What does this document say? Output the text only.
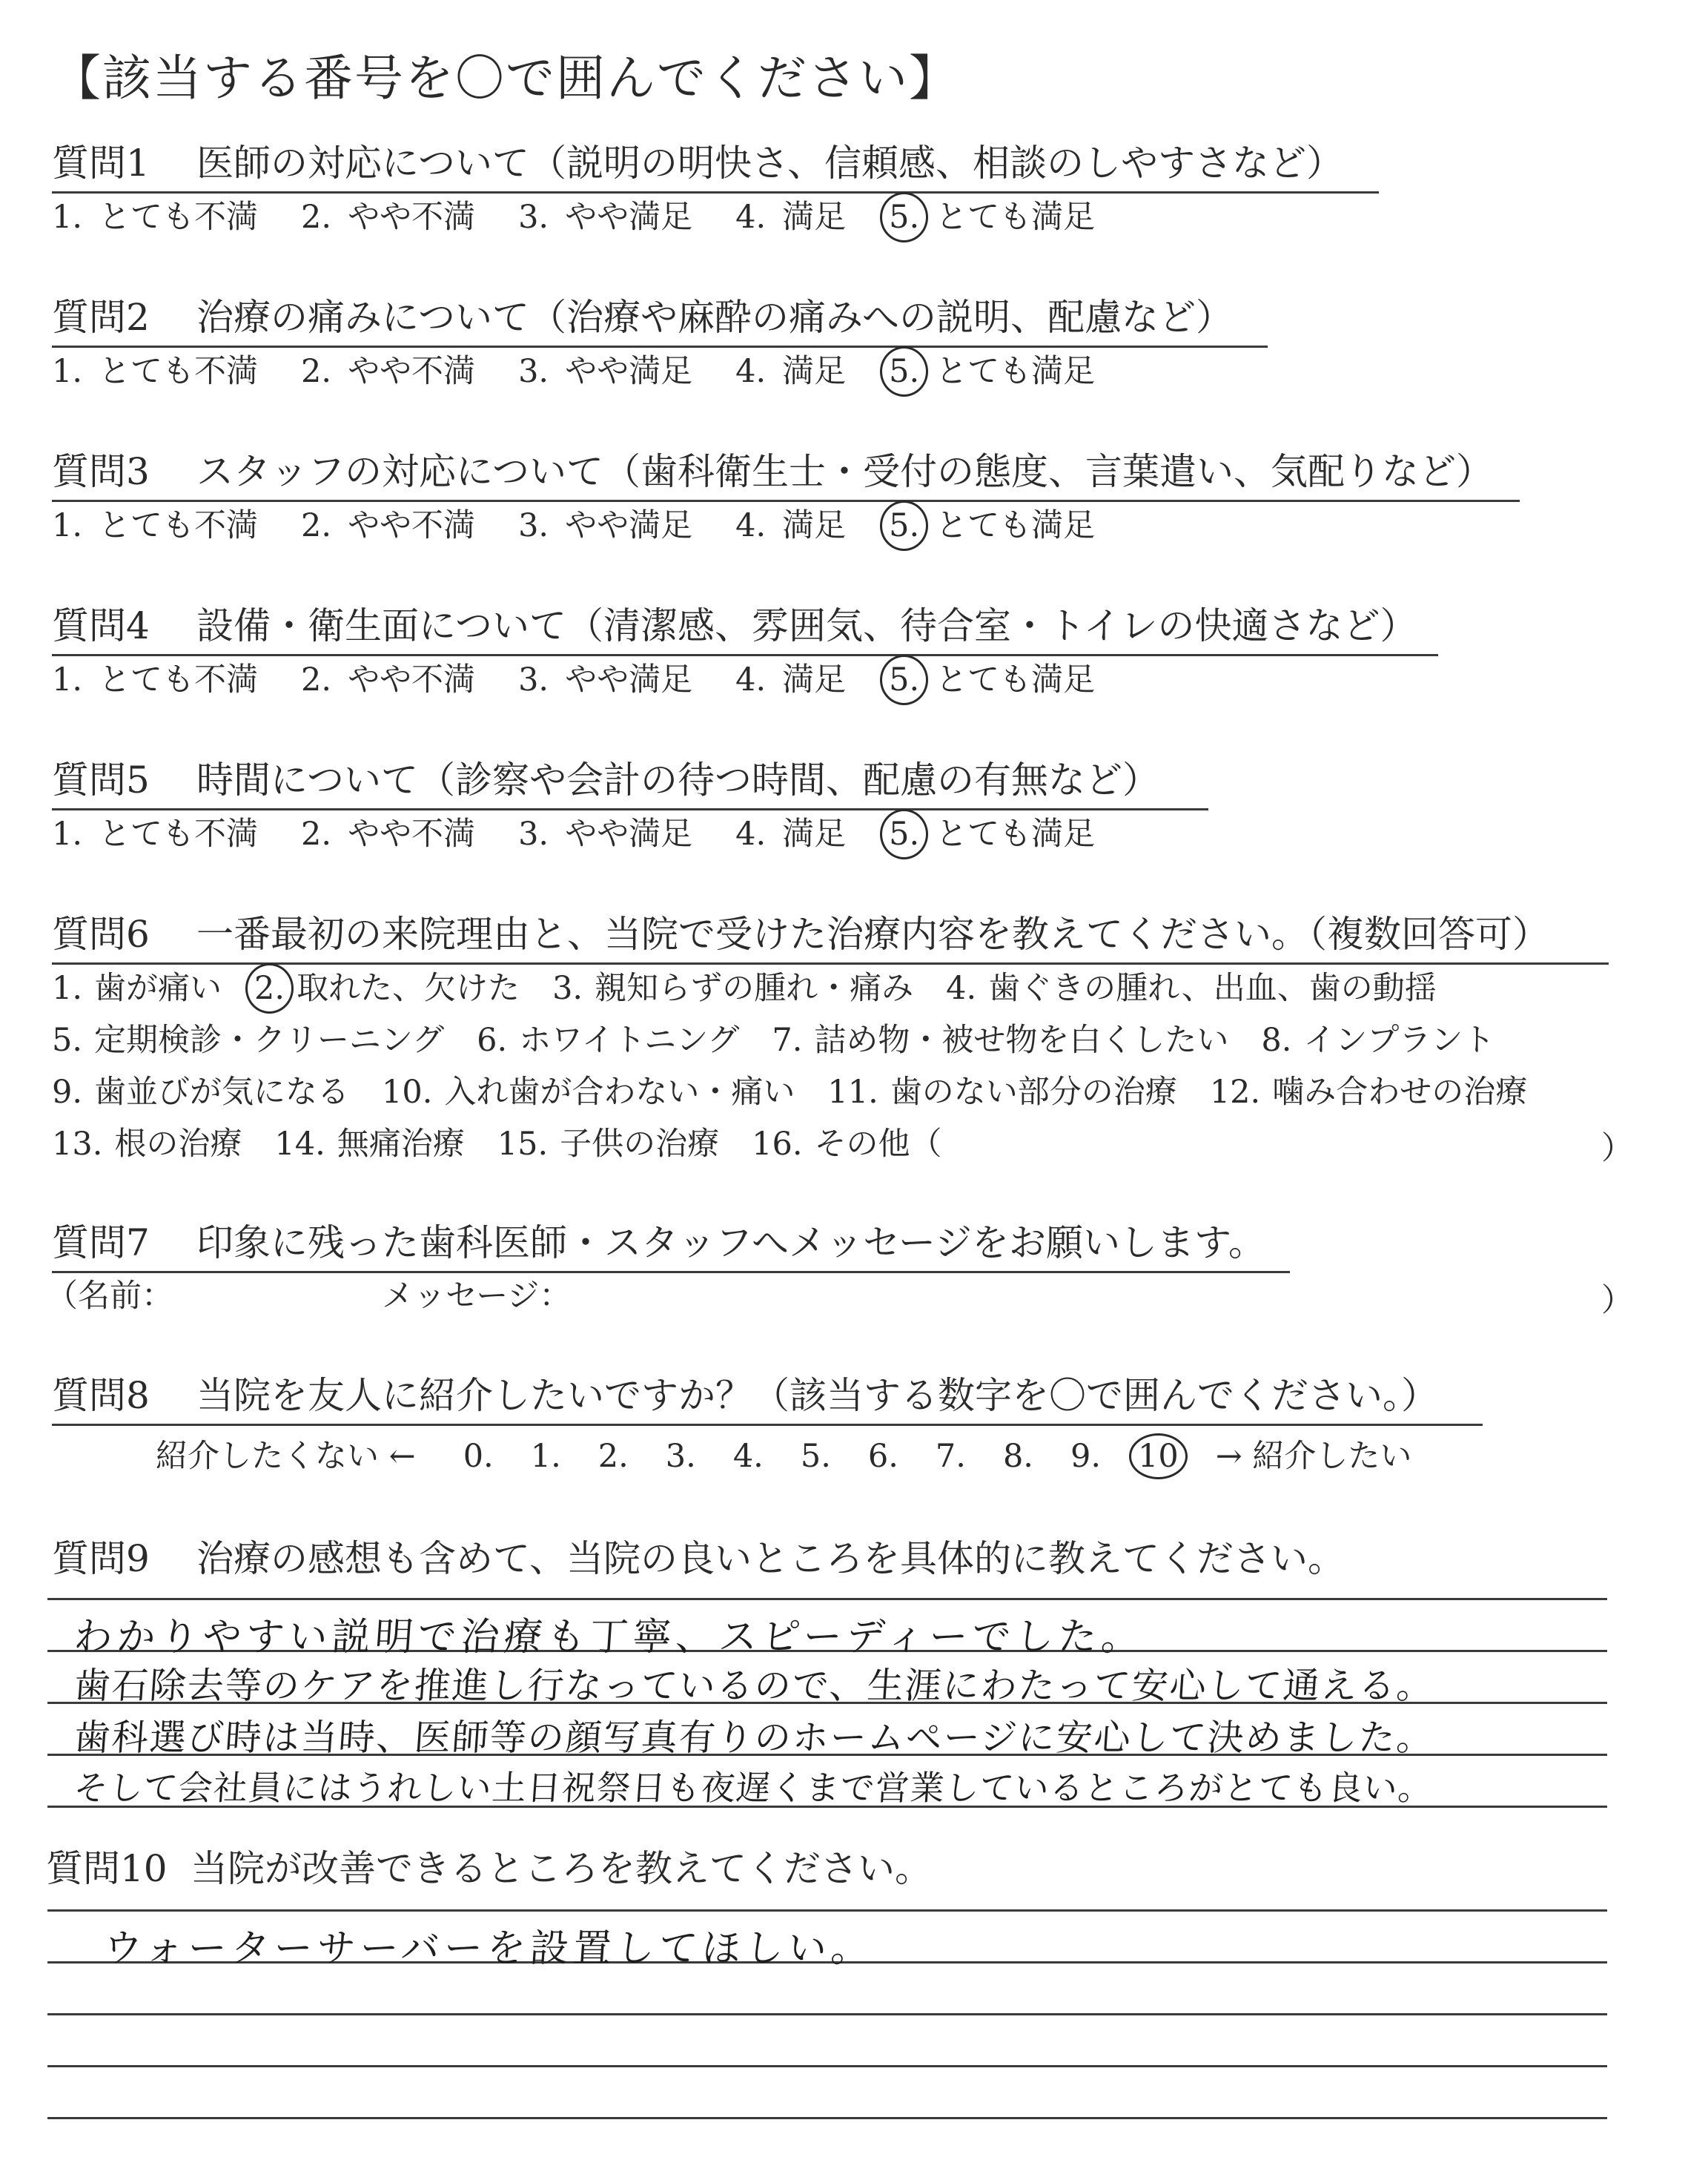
【該当する番号を〇で囲んでください】
質問1 医師の対応について（説明の明快さ、信頼感、相談のしやすさなど）
1. とても不満 2. やや不満 3. やや満足 4. 満足 5. とても満足
質問2 治療の痛みについて（治療や麻酔の痛みへの説明、配慮など）
1. とても不満 2. やや不満 3. やや満足 4. 満足 5. とても満足
質問3 スタッフの対応について（歯科衛生士・受付の態度、言葉遣い、気配りなど）
1. とても不満 2. やや不満 3. やや満足 4. 満足 5. とても満足
質問4 設備・衛生面について（清潔感、雰囲気、待合室・トイレの快適さなど）
1. とても不満 2. やや不満 3. やや満足 4. 満足 5. とても満足
質問5 時間について（診察や会計の待つ時間、配慮の有無など）
1. とても不満 2. やや不満 3. やや満足 4. 満足 5. とても満足
質問6 一番最初の来院理由と、当院で受けた治療内容を教えてください。（複数回答可）
1. 歯が痛い 2. 取れた、欠けた 3. 親知らずの腫れ・痛み 4. 歯ぐきの腫れ、出血、歯の動揺
5. 定期検診・クリーニング 6. ホワイトニング 7. 詰め物・被せ物を白くしたい 8. インプラント
9. 歯並びが気になる 10. 入れ歯が合わない・痛い 11. 歯のない部分の治療 12. 噛み合わせの治療
13. 根の治療 14. 無痛治療 15. 子供の治療 16. その他（	）
質問7 印象に残った歯科医師・スタッフへメッセージをお願いします。
（名前：	メッセージ：	）
質問8 当院を友人に紹介したいですか？（該当する数字を〇で囲んでください。）
紹介したくない ← 0. 1. 2. 3. 4. 5. 6. 7. 8. 9. 10 → 紹介したい
質問9 治療の感想も含めて、当院の良いところを具体的に教えてください。
わかりやすい説明で治療も丁寧、スピーディーでした。
歯石除去等のケアを推進し行なっているので、生涯にわたって安心して通える。
歯科選び時は当時、医師等の顔写真有りのホームページに安心して決めました。
そして会社員にはうれしい土日祝祭日も夜遅くまで営業しているところがとても良い。
質問10 当院が改善できるところを教えてください。
ウォーターサーバーを設置してほしい。
